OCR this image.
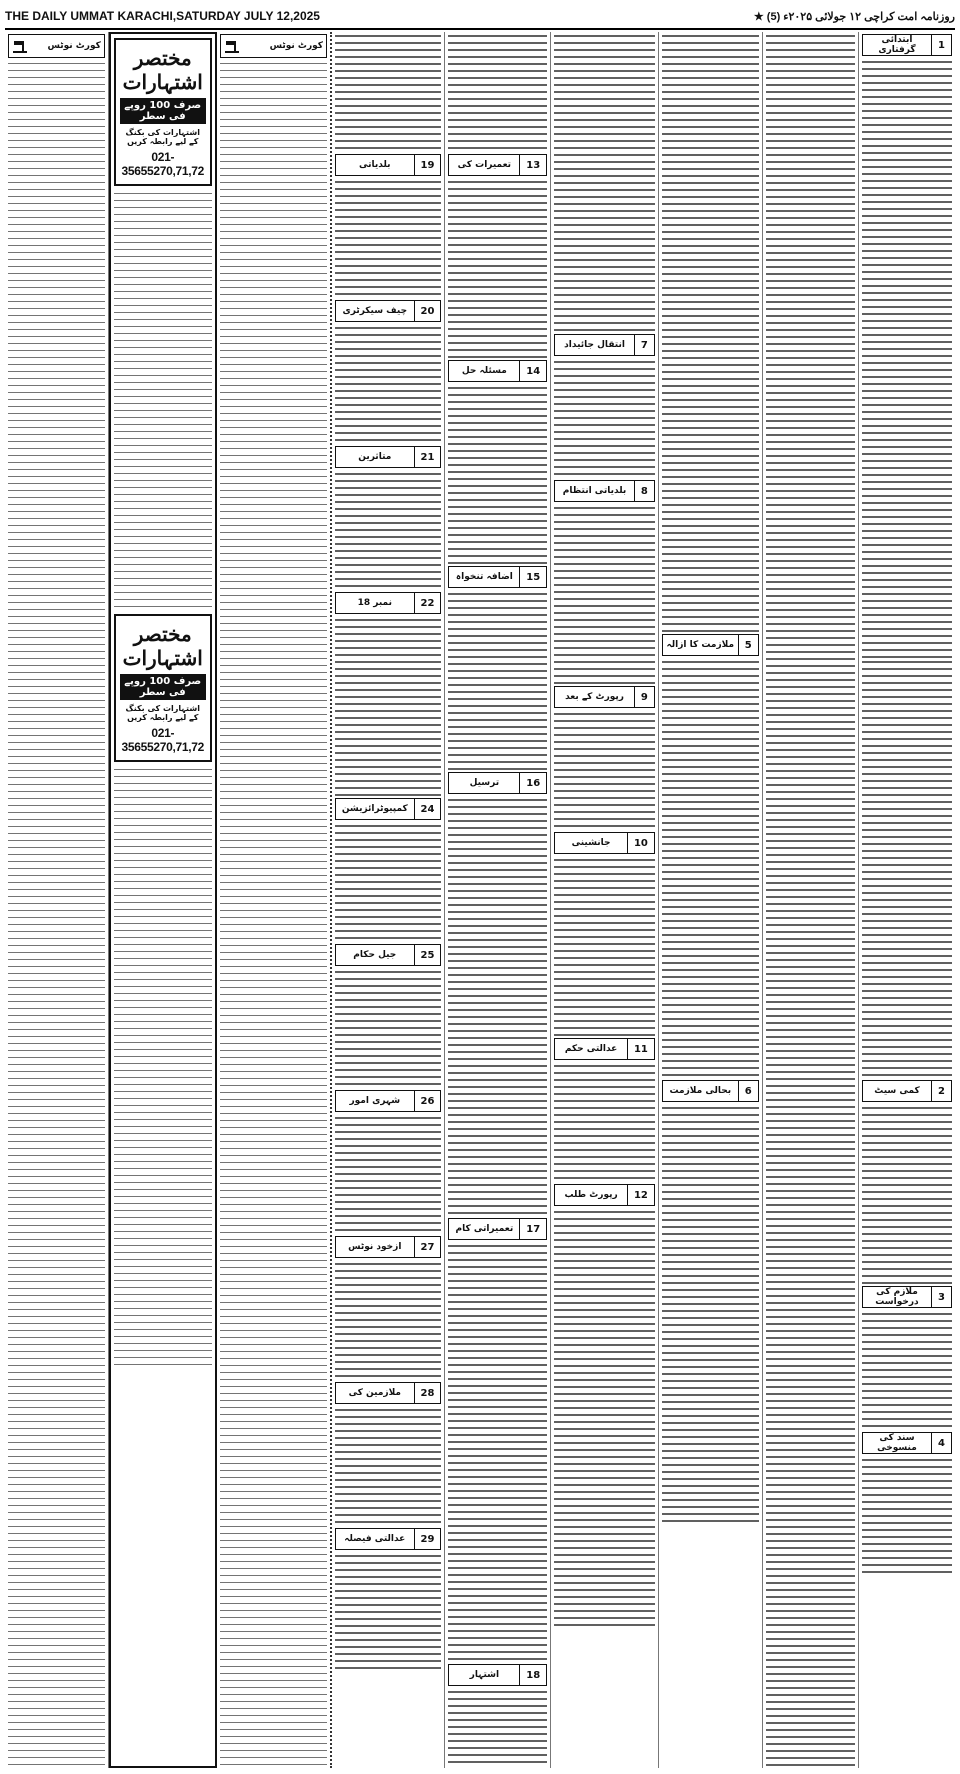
THE DAILY UMMAT KARACHI,SATURDAY JULY 12,2025	★ (5) روزنامہ امت کراچی ۱۲ جولائی ۲۰۲۵ء
کورٹ نوٹس	مختصر اشتہارات
صرف 100 روپے فی سطر
اشتہارات کی بکنگ کے لیے رابطہ کریں
021-35655270,71,72
مختصر اشتہارات
صرف 100 روپے فی سطر
اشتہارات کی بکنگ کے لیے رابطہ کریں
021-35655270,71,72
کورٹ نوٹس
بلدیاتی	19
چیف سیکرٹری	20
متاثرین	21
18 نمبر	22
کمپیوٹرائزیشن	24
جیل حکام	25
شہری امور	26
ازخود نوٹس	27
ملازمین کی	28
عدالتی فیصلہ	29
تعمیرات کی	13
مسئلہ حل	14
اضافہ تنخواہ	15
ترسیل	16
تعمیراتی کام	17
اشتہار	18
انتقال جائیداد	7
بلدیاتی انتظام	8
رپورٹ کے بعد	9
جانشینی	10
عدالتی حکم	11
رپورٹ طلب	12
ملازمت کا ازالہ	5
بحالی ملازمت	6
ابتدائی گرفتاری	1
کمی سیٹ	2
ملازم کی درخواست	3
سند کی منسوخی	4
